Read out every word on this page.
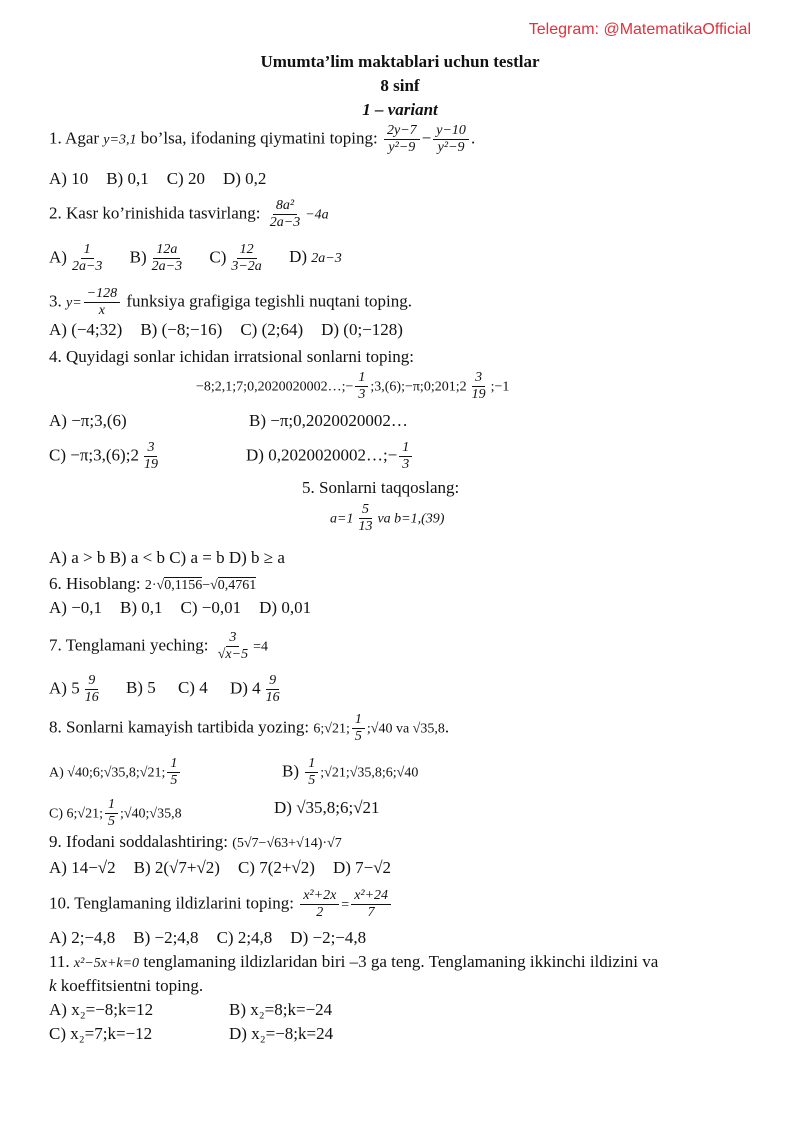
Telegram: @MatematikaOfficial
Umumta’lim maktablari uchun testlar
8 sinf
1 – variant
1. Agar y=3,1 bo’lsa, ifodaning qiymatini toping: $\frac{2y-7}{\text{y²−9}} - \frac{y-10}{\text{y²−9}}$ .
A) 10 B) 0,1 C) 20 D) 0,2
2. Kasr ko’rinishida tasvirlang: $\frac{\text{8a²}}{2a-3} -4a$
$A) \frac{1}{2a-3} B) \frac{12a}{2a-3} C) \frac{12}{3-2a} D$) 2a−3
3. $y= \frac{-128}{x}$ funksiya grafigiga tegishli nuqtani toping.
A) (−4;32) B) (−8;−16) C) (2;64) D) (0;−128)
4. Quyidagi sonlar ichidan irratsional sonlarni toping:
−8;2,1;7;0,2020020002…;− $\frac{1}{3}$ ;3,(6);−π;0;201;2 $\frac{3}{19}$ ;−1
A) −π;3,(6)	B) −π;0,2020020002…
C) −π;3,(6);2 $\frac{3}{19}$	D) 0,2020020002…;− $\frac{1}{3}$
5. Sonlarni taqqoslang:
$a=1 \frac{5}{13}$ va b=1,(39)
A) a > b B) a < b C) a = b D) b ≥ a
6. Hisoblang: 2·√0,1156−√0,4761
A) −0,1 B) 0,1 C) −0,01 D) 0,01
7. Tenglamani yeching: $\frac{3}{√x-5} =4$
A) $5 \frac{9}{16} B$) 5 C) 4 D) $4 \frac{9}{16}$
8. Sonlarni kamayish tartibida yozing: 6;√21; $\frac{1}{5}$ ;√40 va √35,8.
A) √40;6;√35,8;√21; $\frac{1}{5}$	$B) \frac{1}{5}$ ;√21;√35,8;6;√40
C) 6;√21; $\frac{1}{5}$ ;√40;√35,8	D) √35,8;6;√21
9. Ifodani soddalashtiring: (5√7−√63+√14)·√7
A) 14−√2 B) 2(√7+√2) C) 7(2+√2) D) 7−√2
10. Tenglamaning ildizlarini toping: $\frac{\text{x²+2x}}{2} = \frac{\text{x²+24}}{7}$
A) 2;−4,8 B) −2;4,8 C) 2;4,8 D) −2;−4,8
11. x²−5x+k=0 tenglamaning ildizlaridan biri –3 ga teng. Tenglamaning ikkinchi ildizini va
k koeffitsientni toping.
A) x₂=−8;k=12	B) x₂=8;k=−24
C) x₂=7;k=−12	D) x₂=−8;k=24
